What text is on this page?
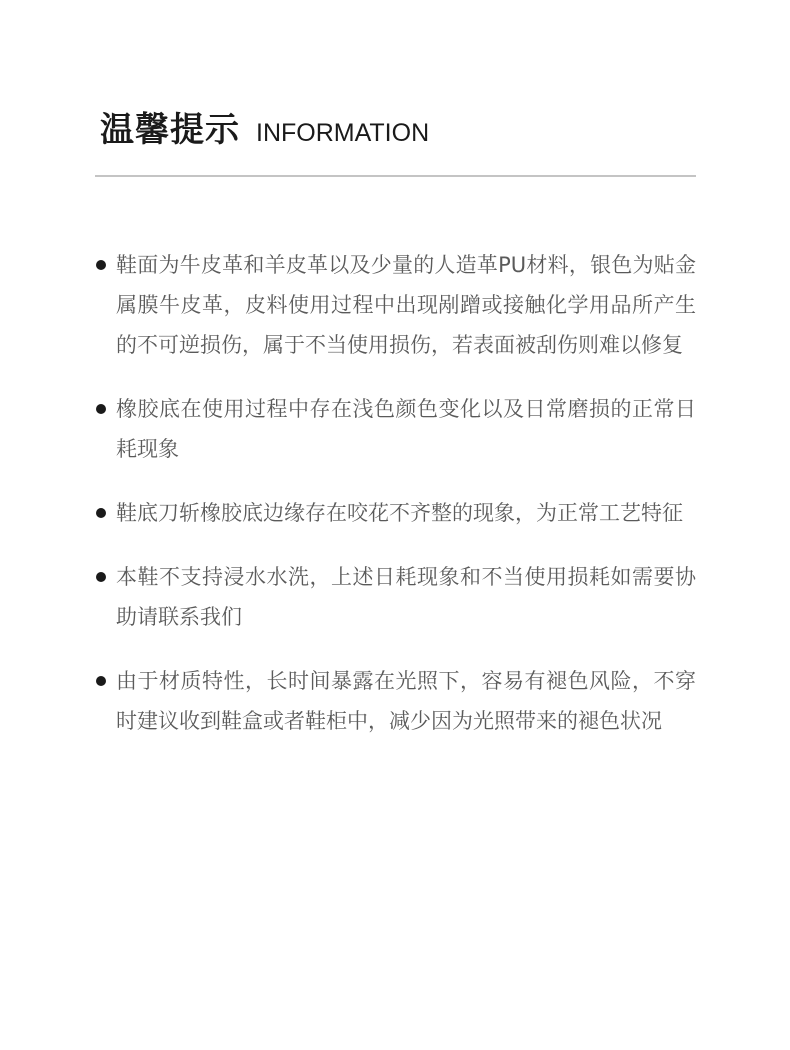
温馨提示 INFORMATION
鞋面为牛皮革和羊皮革以及少量的人造革PU材料，银色为贴金属膜牛皮革，皮料使用过程中出现剐蹭或接触化学用品所产生的不可逆损伤，属于不当使用损伤，若表面被刮伤则难以修复
橡胶底在使用过程中存在浅色颜色变化以及日常磨损的正常日耗现象
鞋底刀斩橡胶底边缘存在咬花不齐整的现象，为正常工艺特征
本鞋不支持浸水水洗，上述日耗现象和不当使用损耗如需要协助请联系我们
由于材质特性，长时间暴露在光照下，容易有褪色风险，不穿时建议收到鞋盒或者鞋柜中，减少因为光照带来的褪色状况
